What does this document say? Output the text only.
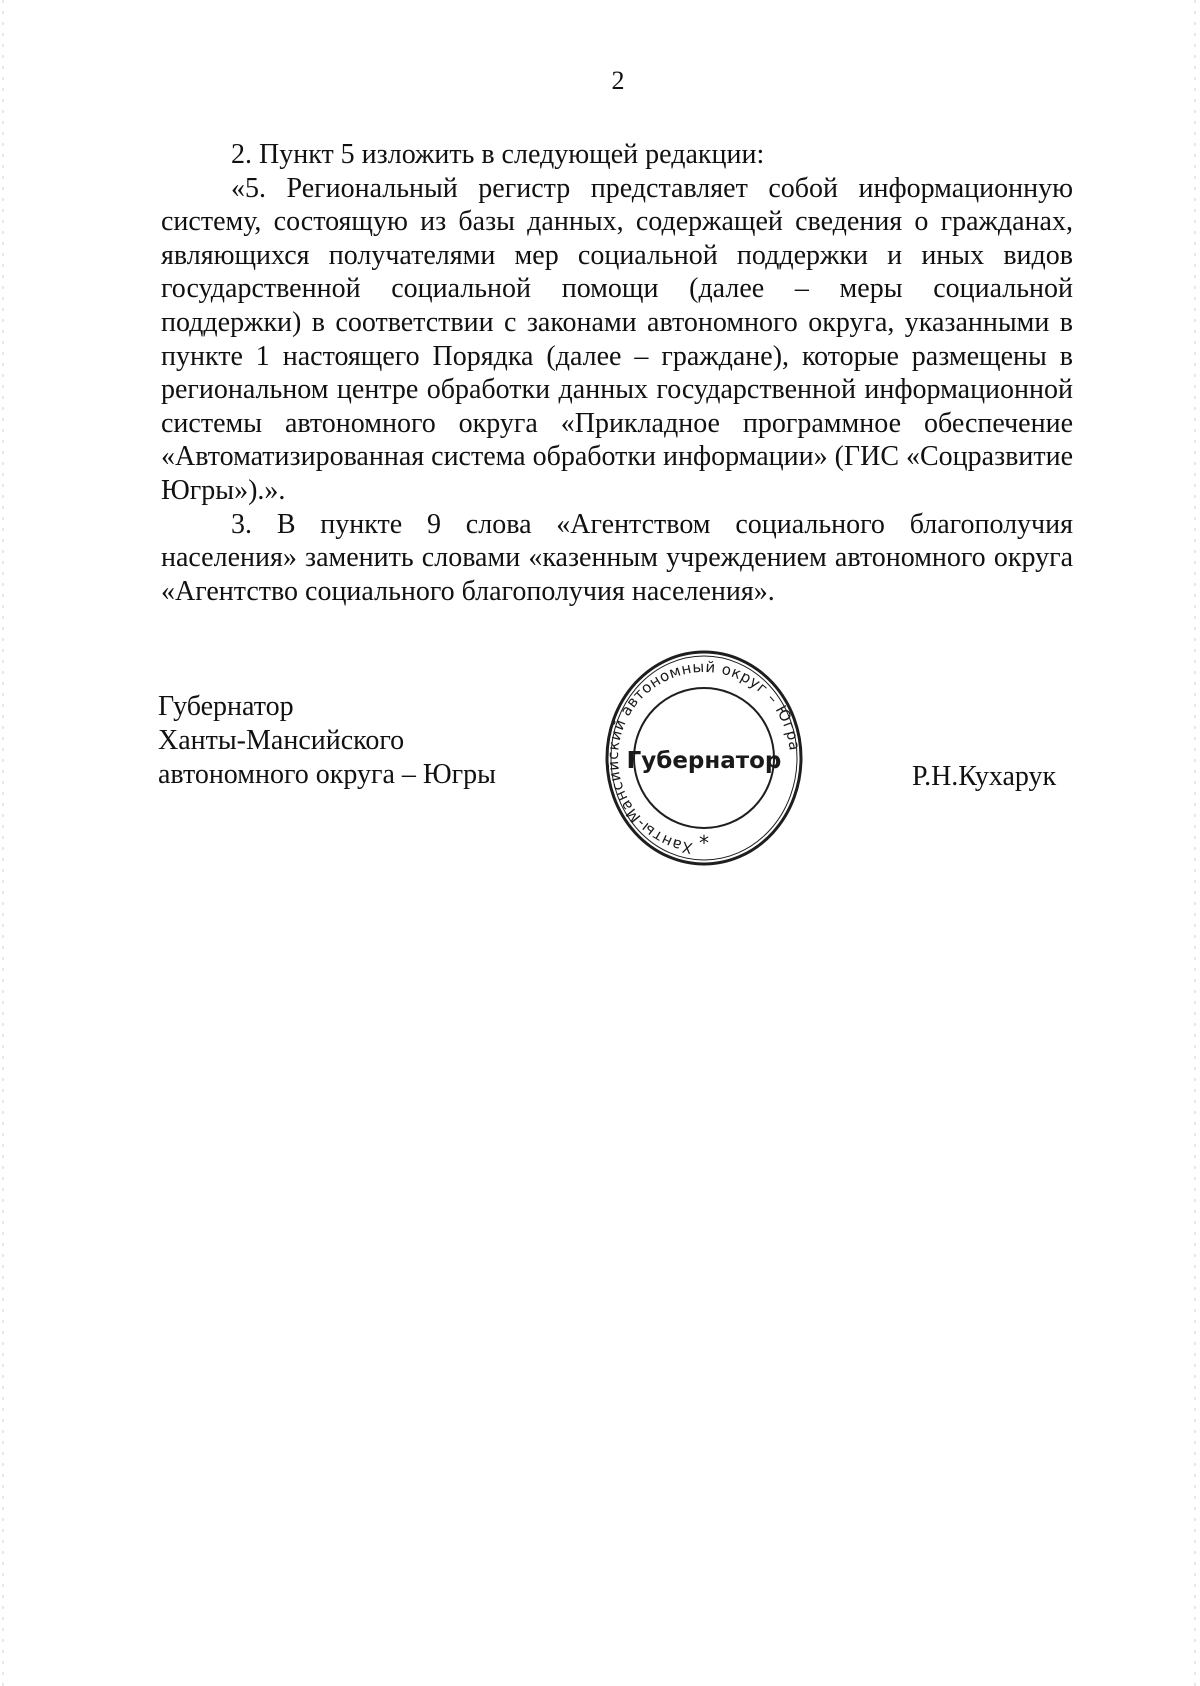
2

2. Пункт 5 изложить в следующей редакции:

«5. Региональный регистр представляет собой информационную систему, состоящую из базы данных, содержащей сведения о гражданах, являющихся получателями мер социальной поддержки и иных видов государственной социальной помощи (далее – меры социальной поддержки) в соответствии с законами автономного округа, указанными в пункте 1 настоящего Порядка (далее – граждане), которые размещены в региональном центре обработки данных государственной информационной системы автономного округа «Прикладное программное обеспечение «Автоматизированная система обработки информации» (ГИС «Соцразвитие Югры»).».

3. В пункте 9 слова «Агентством социального благополучия населения» заменить словами «казенным учреждением автономного округа «Агентство социального благополучия населения».

Губернатор
Ханты-Мансийского
автономного округа – Югры
Ханты-Мансийский автономный округ – Югра
Губернатор
*
Р.Н.Кухарук
